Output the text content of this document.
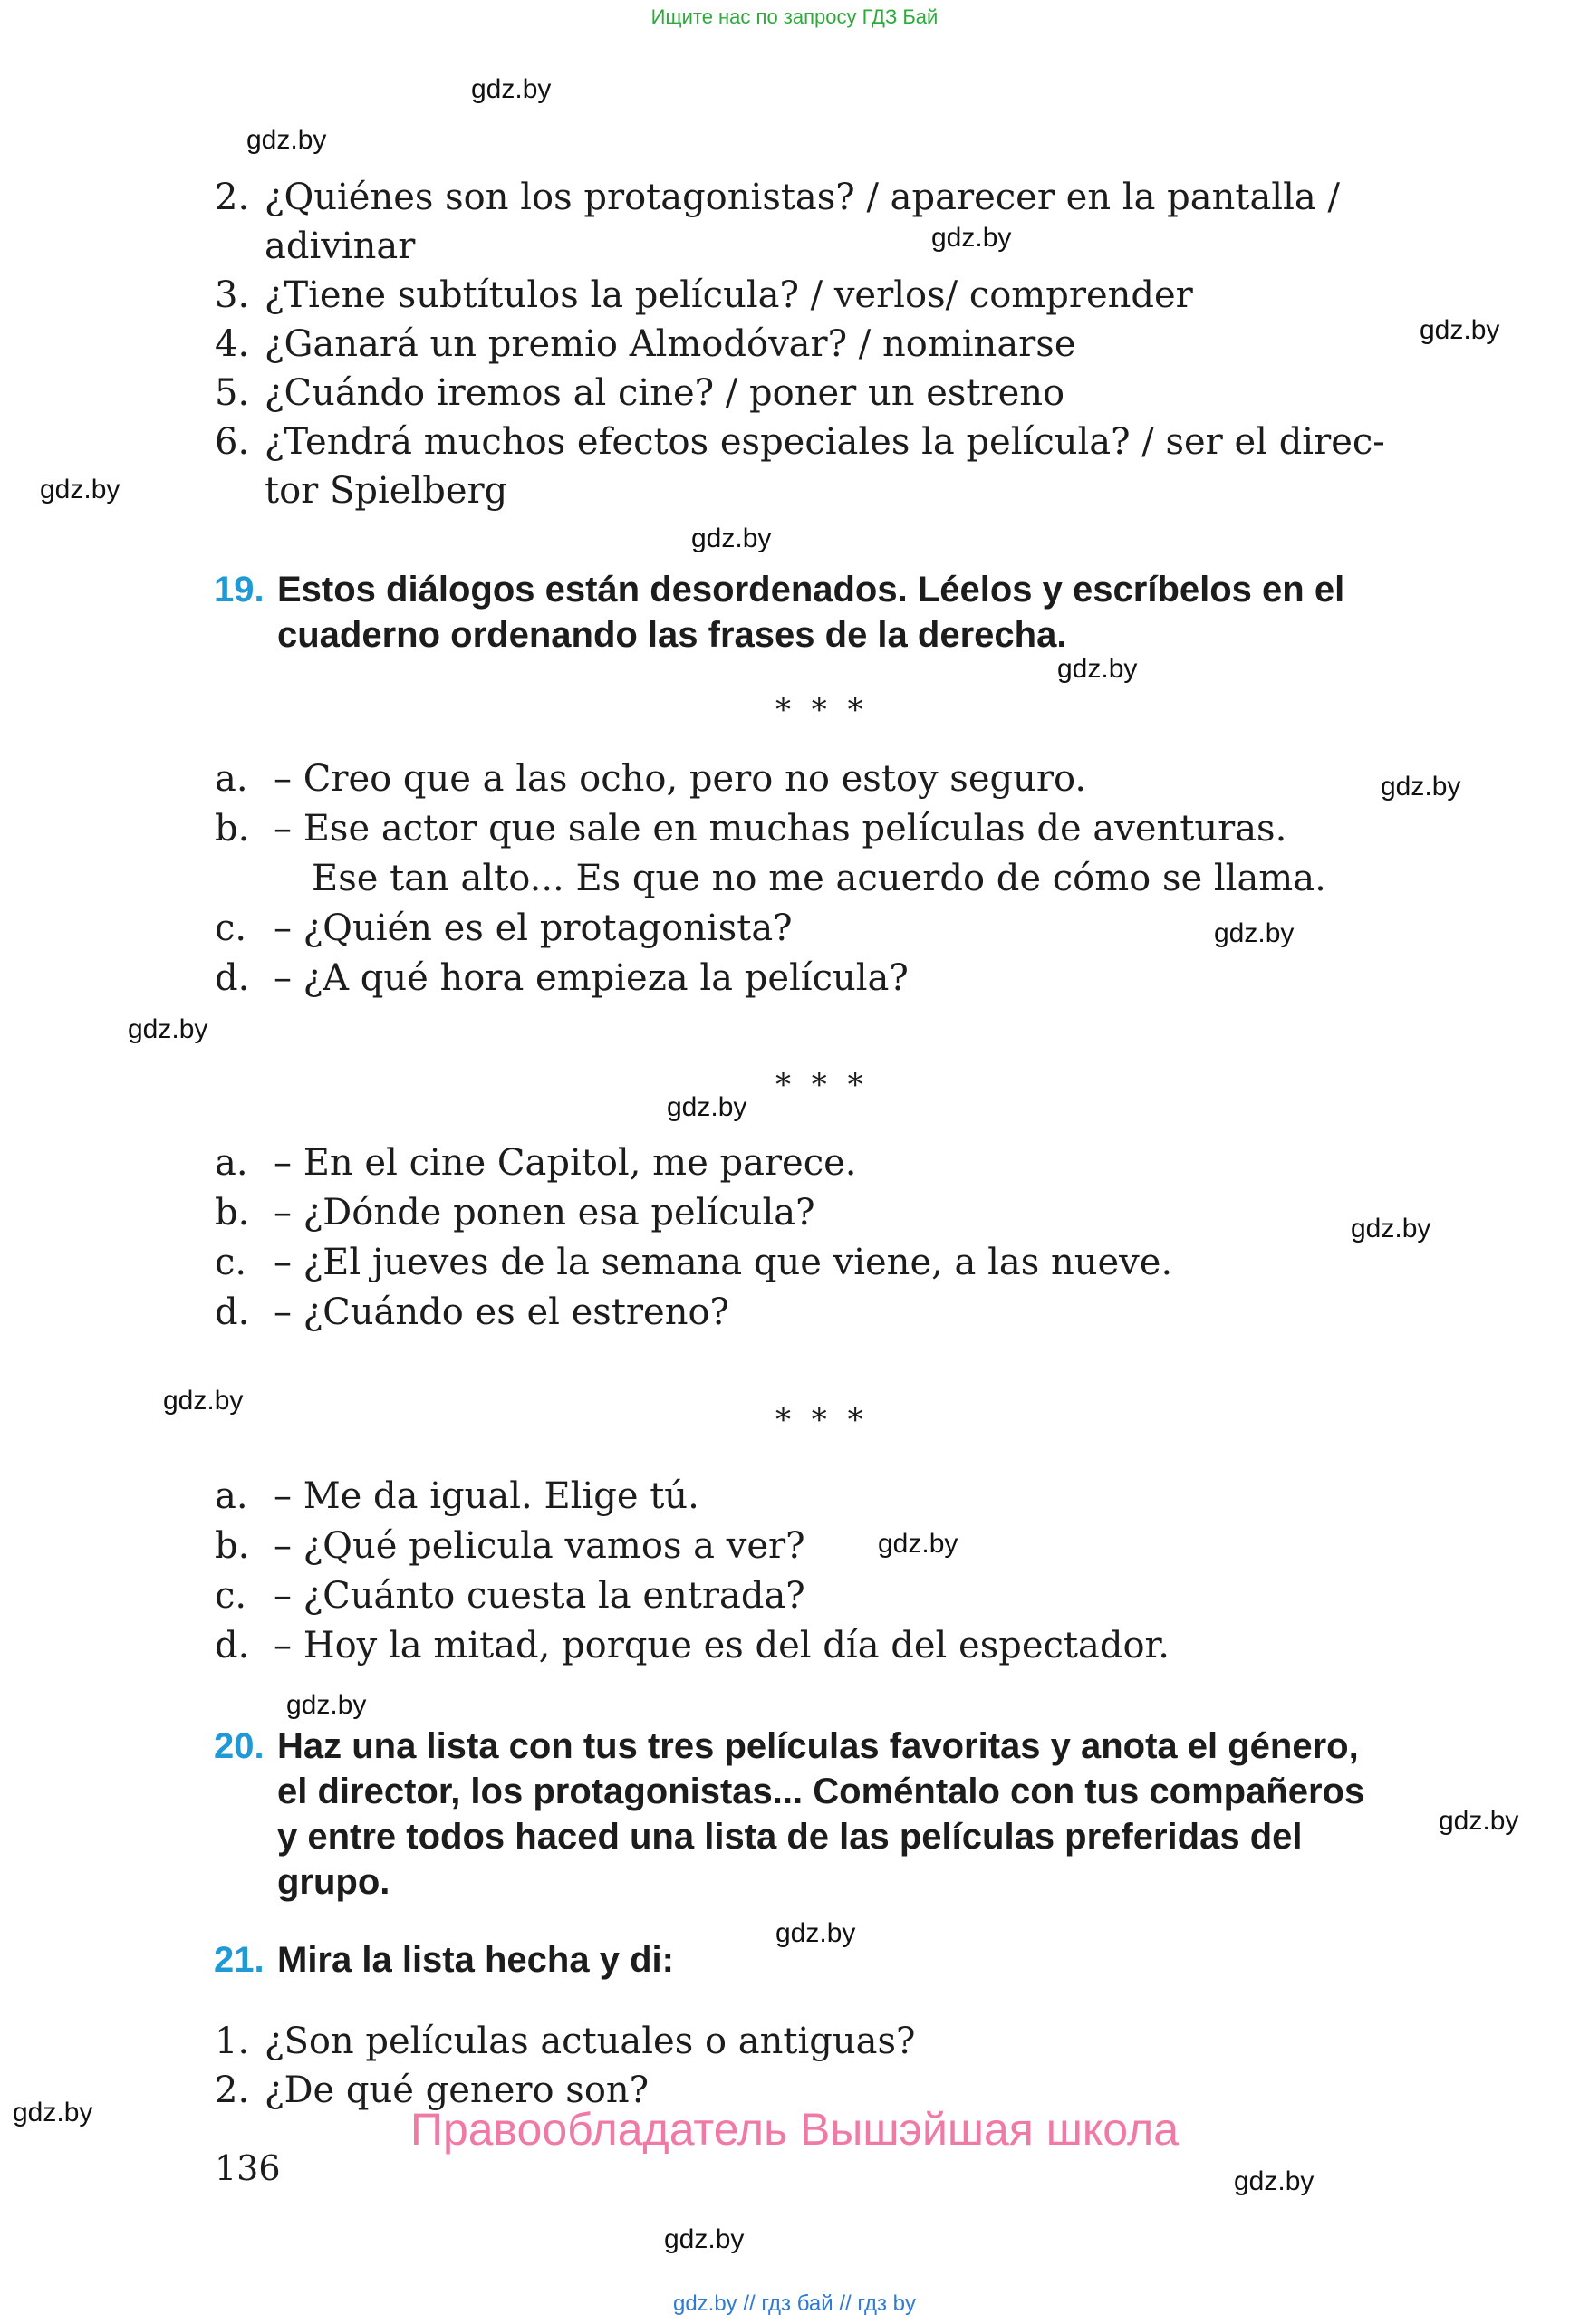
Ищите нас по запросу ГДЗ Бай
gdz.by
gdz.by
gdz.by
gdz.by
gdz.by
gdz.by
gdz.by
gdz.by
gdz.by
gdz.by
gdz.by
gdz.by
gdz.by
gdz.by
gdz.by
gdz.by
gdz.by
gdz.by
gdz.by
gdz.by
2. ¿Quiénes son los protagonistas? / aparecer en la pantalla /
adivinar
3. ¿Tiene subtítulos la película? / verlos/ comprender
4. ¿Ganará un premio Almodóvar? / nominarse
5. ¿Cuándo iremos al cine? / poner un estreno
6. ¿Tendrá muchos efectos especiales la película? / ser el direc-
tor Spielberg
19. Estos diálogos están desordenados. Léelos y escríbelos en el
cuaderno ordenando las frases de la derecha.
* * *
a. – Creo que a las ocho, pero no estoy seguro.
b. – Ese actor que sale en muchas películas de aventuras.
Ese tan alto... Es que no me acuerdo de cómo se llama.
c. – ¿Quién es el protagonista?
d. – ¿A qué hora empieza la película?
* * *
a. – En el cine Capitol, me parece.
b. – ¿Dónde ponen esa película?
c. – ¿El jueves de la semana que viene, a las nueve.
d. – ¿Cuándo es el estreno?
* * *
a. – Me da igual. Elige tú.
b. – ¿Qué pelicula vamos a ver?
c. – ¿Cuánto cuesta la entrada?
d. – Hoy la mitad, porque es del día del espectador.
20. Haz una lista con tus tres películas favoritas y anota el género,
el director, los protagonistas... Coméntalo con tus compañeros
y entre todos haced una lista de las películas preferidas del
grupo.
21. Mira la lista hecha y di:
1. ¿Son películas actuales o antiguas?
2. ¿De qué genero son?
Правообладатель Вышэйшая школа
136
gdz.by // гдз бай // гдз by
